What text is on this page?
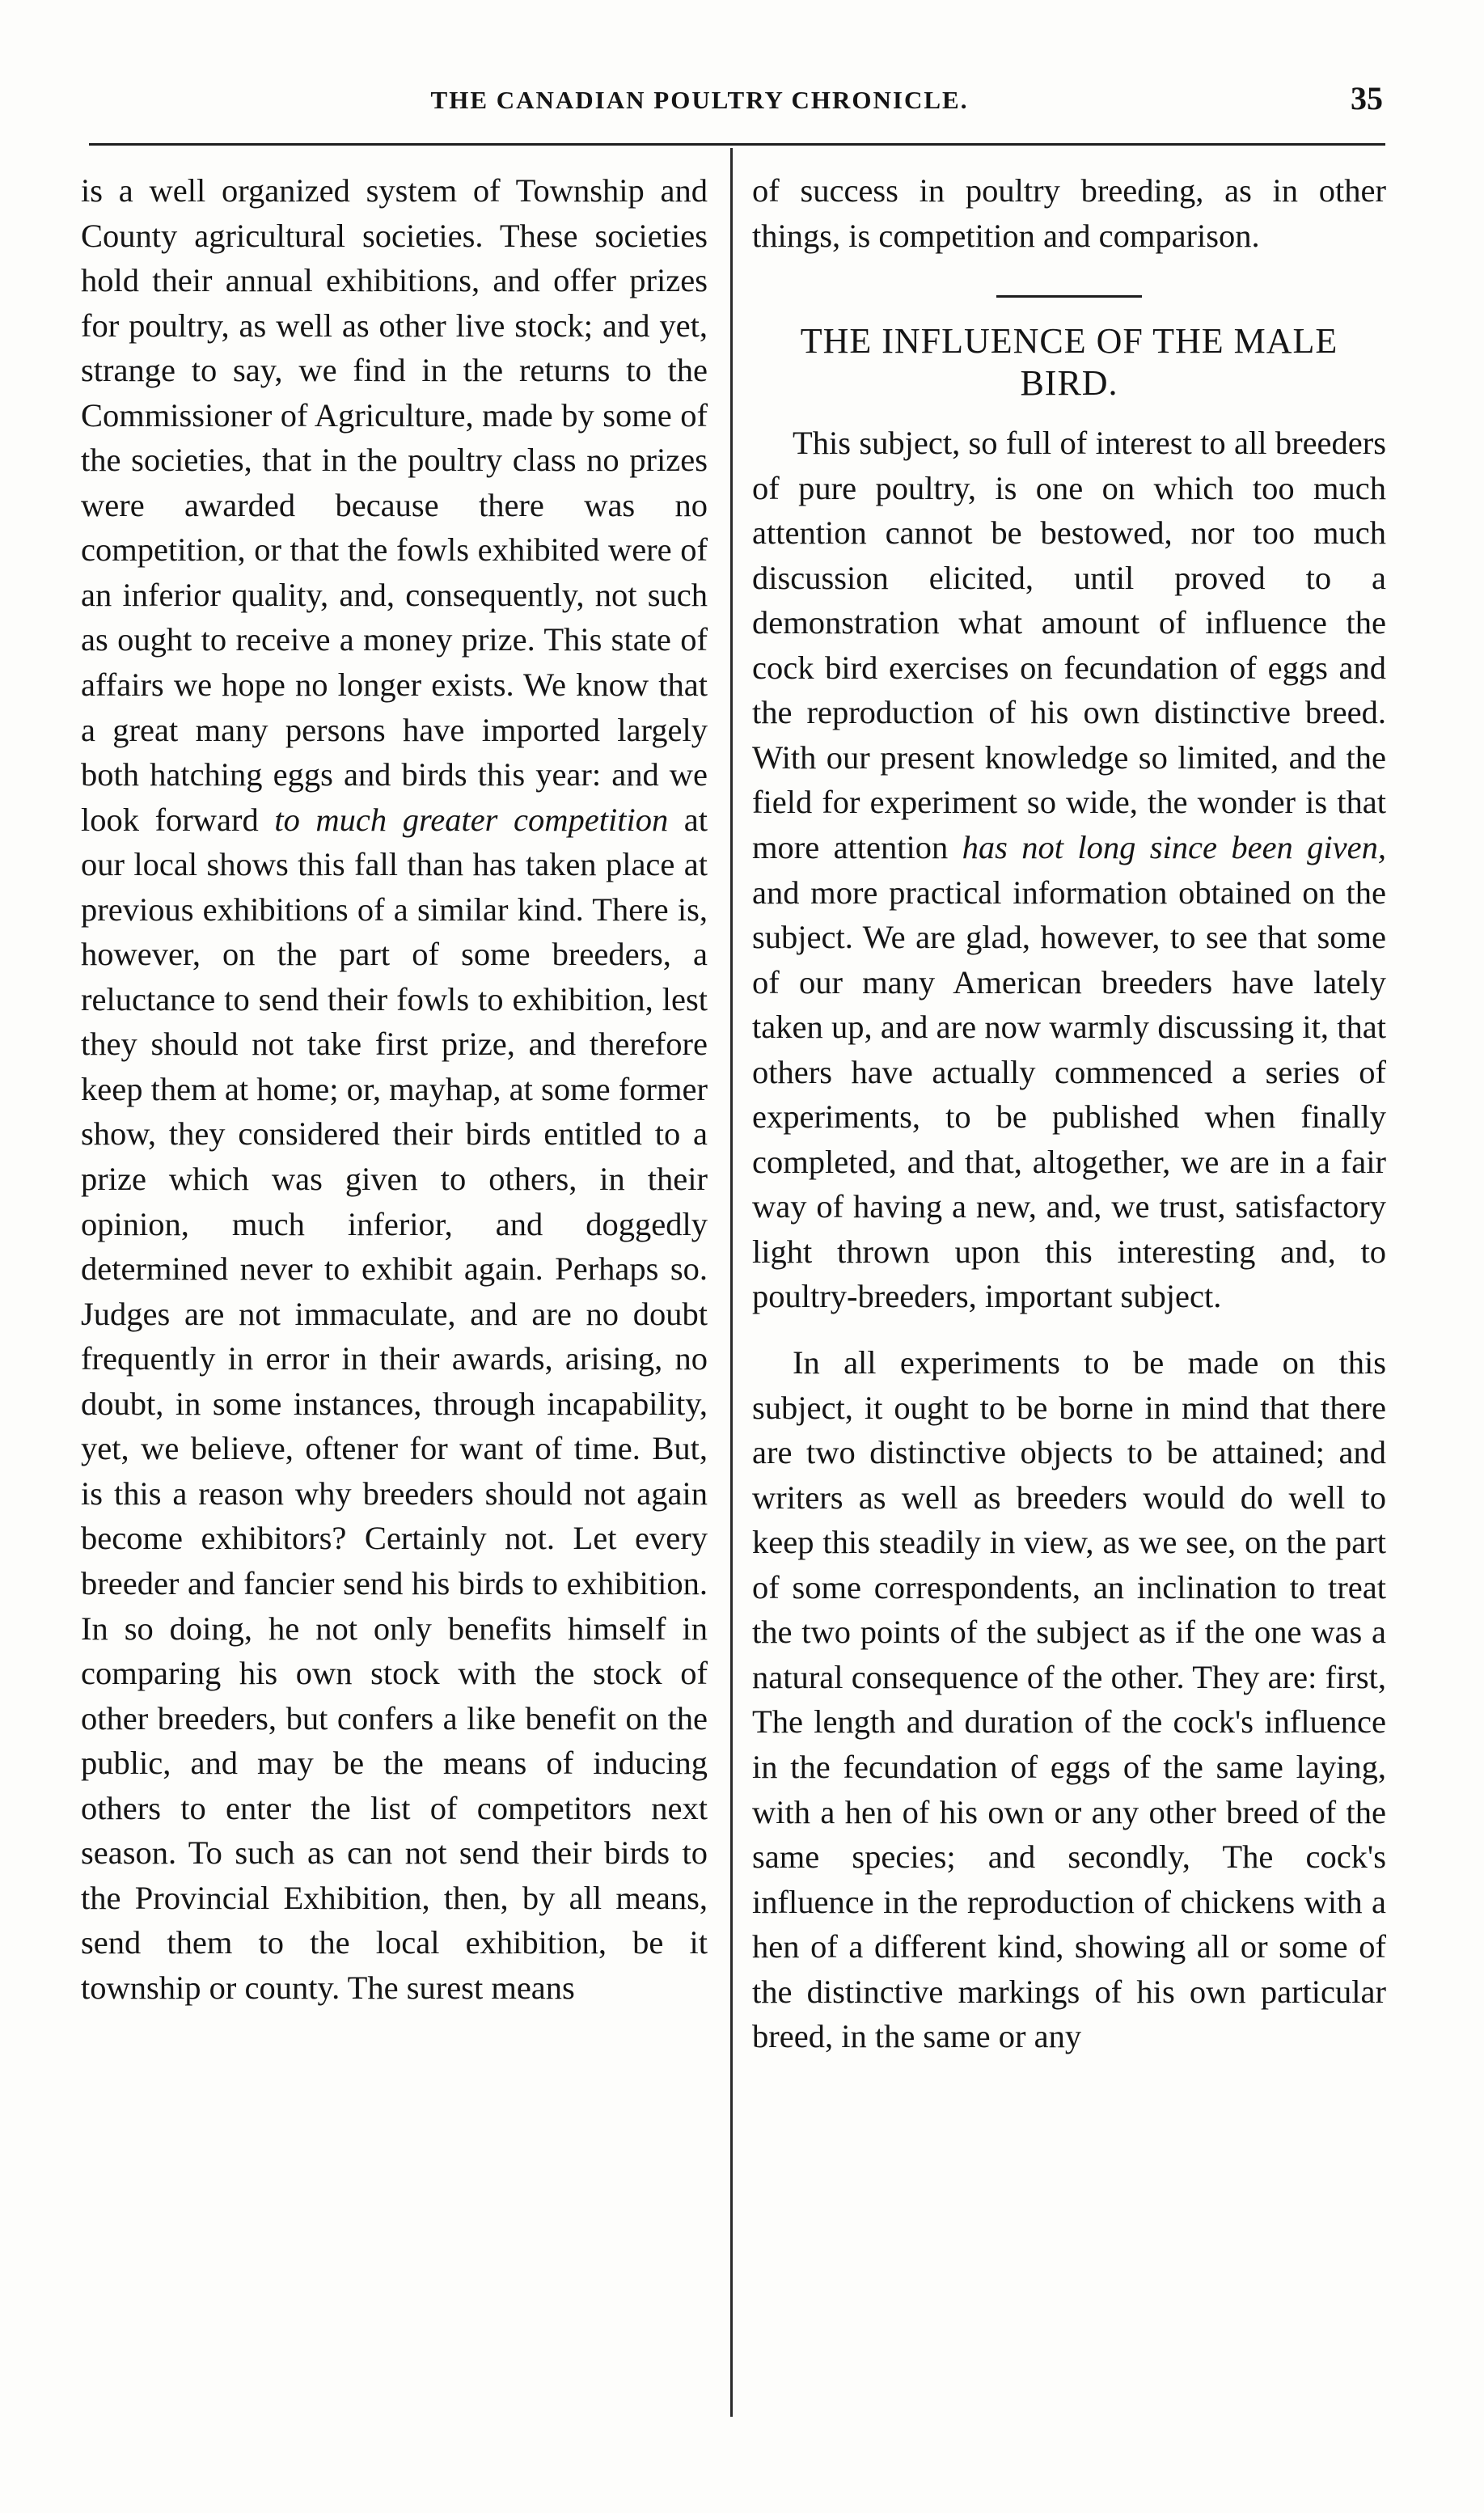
THE CANADIAN POULTRY CHRONICLE.	35

is a well organized system of Township and County agricultural societies. These societies hold their annual exhibitions, and offer prizes for poultry, as well as other live stock; and yet, strange to say, we find in the returns to the Commissioner of Agriculture, made by some of the societies, that in the poultry class no prizes were awarded because there was no competition, or that the fowls exhibited were of an inferior quality, and, consequently, not such as ought to receive a money prize. This state of affairs we hope no longer exists. We know that a great many persons have imported largely both hatching eggs and birds this year: and we look forward to much greater competition at our local shows this fall than has taken place at previous exhibitions of a similar kind. There is, however, on the part of some breeders, a reluctance to send their fowls to exhibition, lest they should not take first prize, and therefore keep them at home; or, mayhap, at some former show, they considered their birds entitled to a prize which was given to others, in their opinion, much inferior, and doggedly determined never to exhibit again. Perhaps so. Judges are not immaculate, and are no doubt frequently in error in their awards, arising, no doubt, in some instances, through incapability, yet, we believe, oftener for want of time. But, is this a reason why breeders should not again become exhibitors? Certainly not. Let every breeder and fancier send his birds to exhibition. In so doing, he not only benefits himself in comparing his own stock with the stock of other breeders, but confers a like benefit on the public, and may be the means of inducing others to enter the list of competitors next season. To such as can not send their birds to the Provincial Exhibition, then, by all means, send them to the local exhibition, be it township or county. The surest means

of success in poultry breeding, as in other things, is competition and comparison.

THE INFLUENCE OF THE MALE BIRD.

This subject, so full of interest to all breeders of pure poultry, is one on which too much attention cannot be bestowed, nor too much discussion elicited, until proved to a demonstration what amount of influence the cock bird exercises on fecundation of eggs and the reproduction of his own distinctive breed. With our present knowledge so limited, and the field for experiment so wide, the wonder is that more attention has not long since been given, and more practical information obtained on the subject. We are glad, however, to see that some of our many American breeders have lately taken up, and are now warmly discussing it, that others have actually commenced a series of experiments, to be published when finally completed, and that, altogether, we are in a fair way of having a new, and, we trust, satisfactory light thrown upon this interesting and, to poultry-breeders, important subject.

In all experiments to be made on this subject, it ought to be borne in mind that there are two distinctive objects to be attained; and writers as well as breeders would do well to keep this steadily in view, as we see, on the part of some correspondents, an inclination to treat the two points of the subject as if the one was a natural consequence of the other. They are: first, The length and duration of the cock's influence in the fecundation of eggs of the same laying, with a hen of his own or any other breed of the same species; and secondly, The cock's influence in the reproduction of chickens with a hen of a different kind, showing all or some of the distinctive markings of his own particular breed, in the same or any
